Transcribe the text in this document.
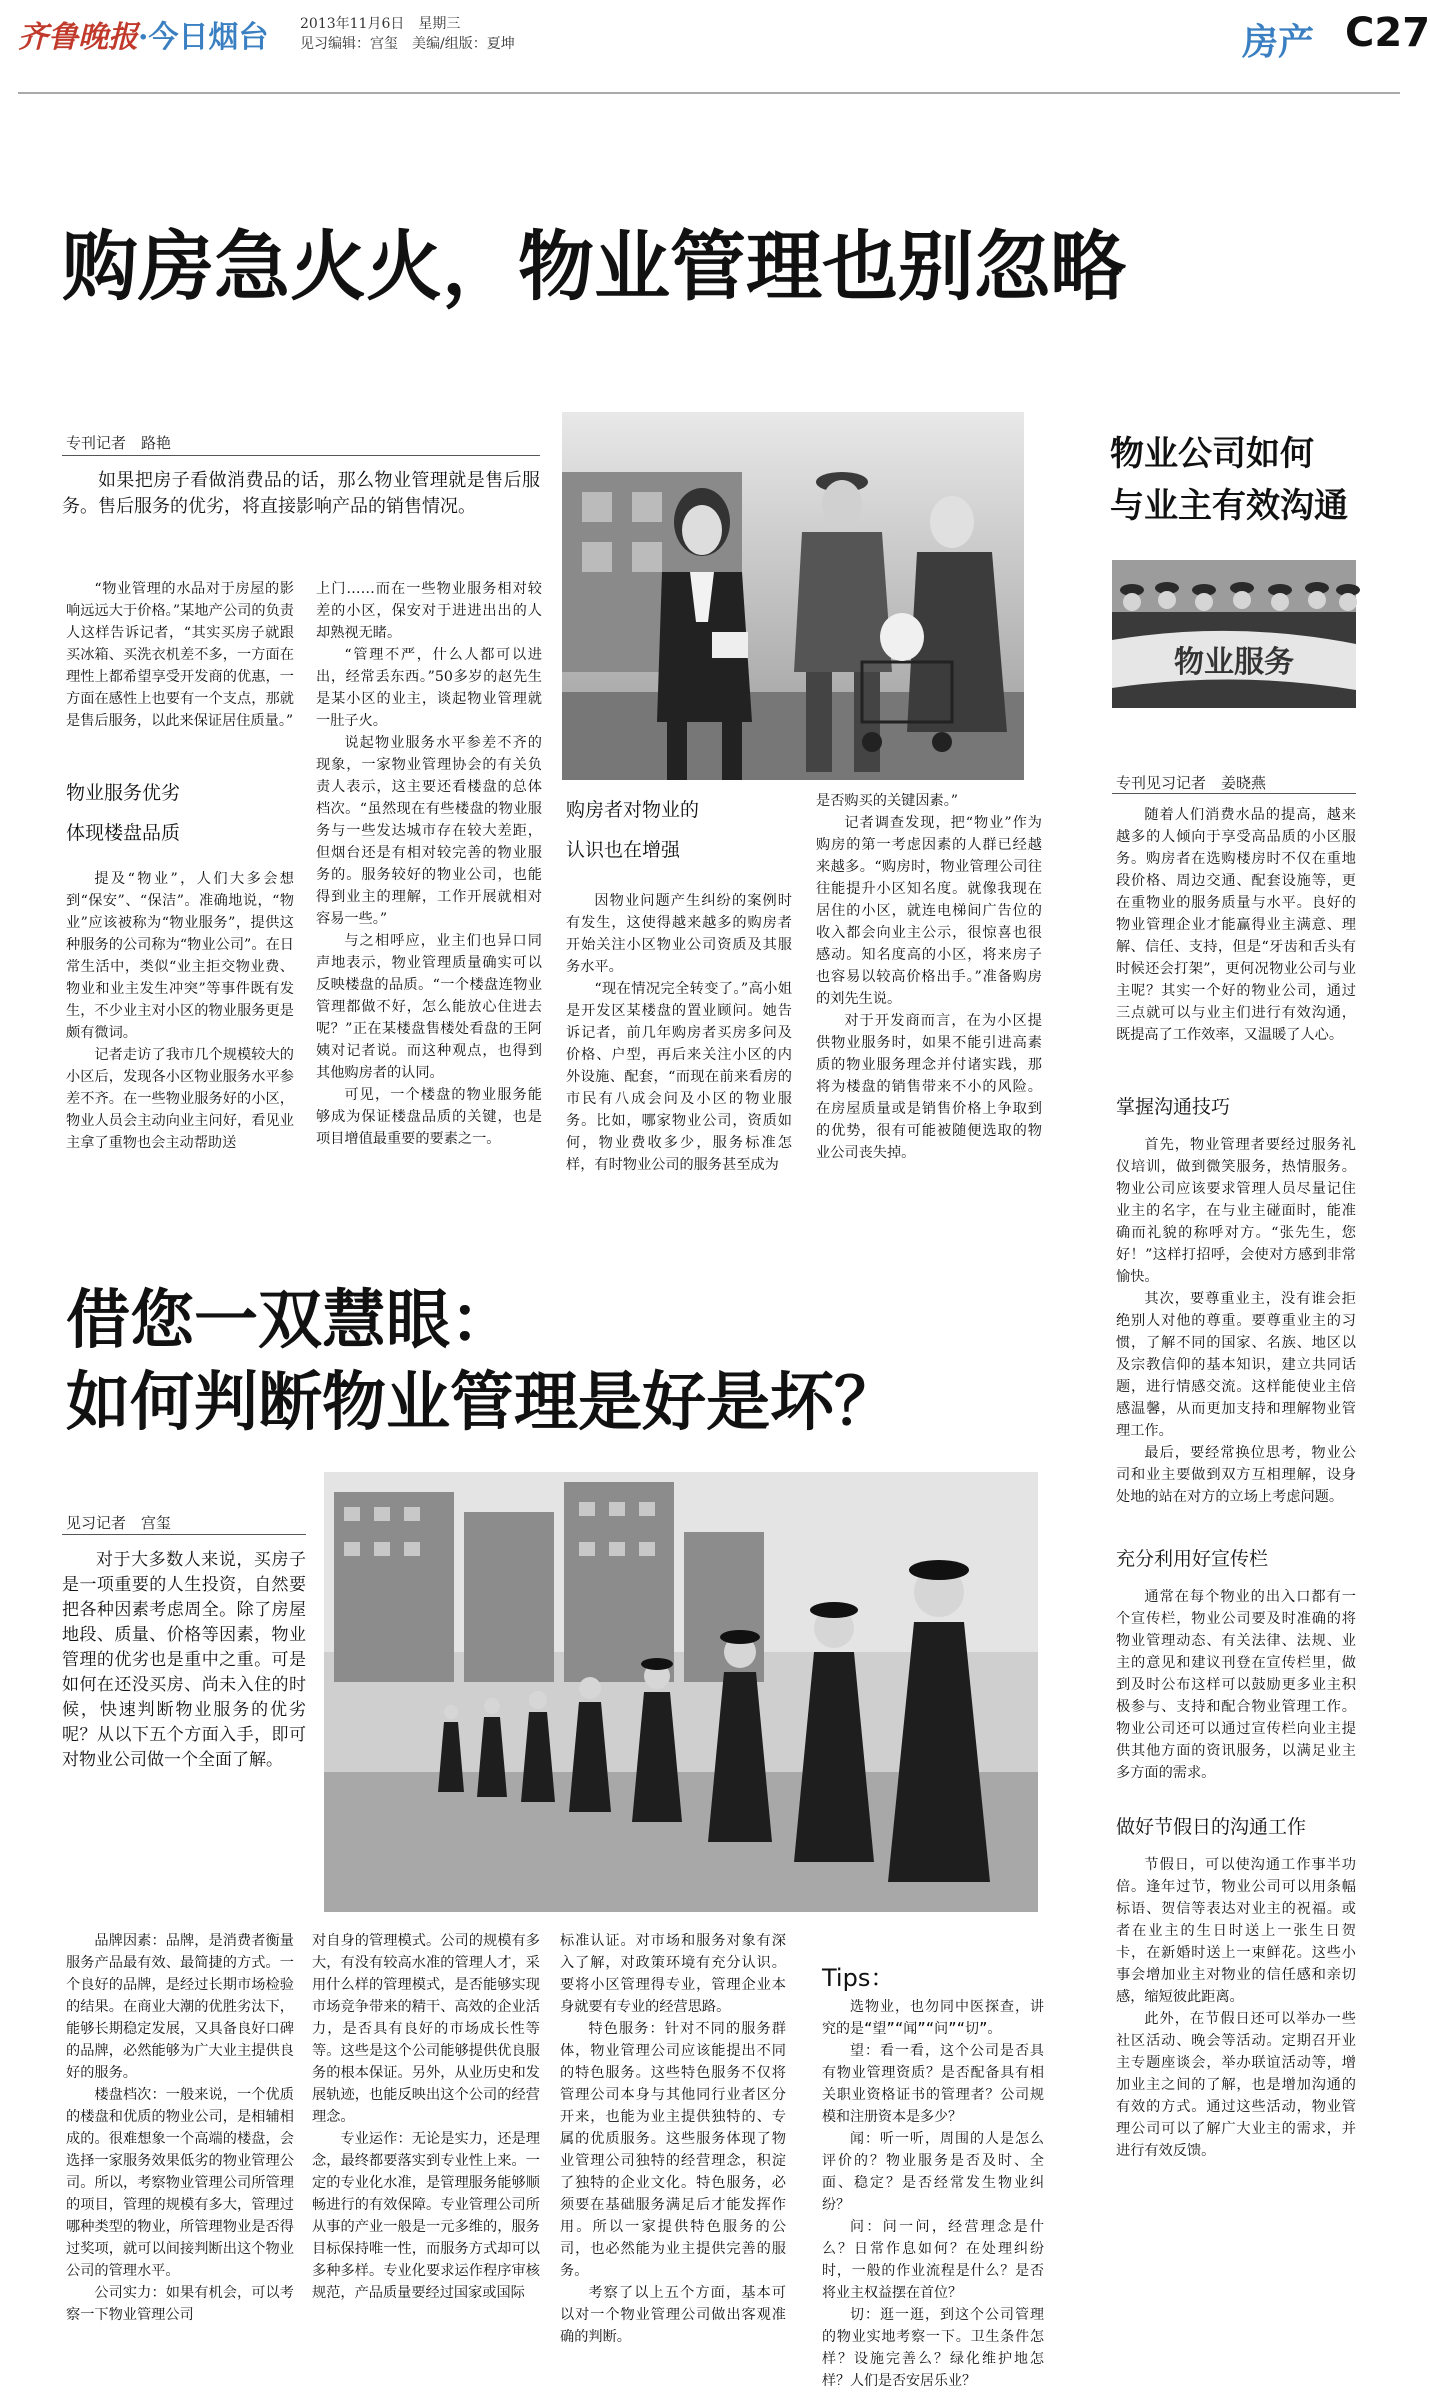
齐鲁晚报·今日烟台 2013年11月6日　星期三
见习编辑：宫玺　美编/组版：夏坤	房产 C27
购房急火火，物业管理也别忽略
专刊记者　路艳
如果把房子看做消费品的话，那么物业管理就是售后服务。售后服务的优劣，将直接影响产品的销售情况。

“物业管理的水品对于房屋的影响远远大于价格。”某地产公司的负责人这样告诉记者，“其实买房子就跟买冰箱、买洗衣机差不多，一方面在理性上都希望享受开发商的优惠，一方面在感性上也要有一个支点，那就是售后服务，以此来保证居住质量。”

物业服务优劣
体现楼盘品质

提及“物业”，人们大多会想到“保安”、“保洁”。准确地说，“物业”应该被称为“物业服务”，提供这种服务的公司称为“物业公司”。在日常生活中，类似“业主拒交物业费、物业和业主发生冲突”等事件既有发生，不少业主对小区的物业服务更是颇有微词。

记者走访了我市几个规模较大的小区后，发现各小区物业服务水平参差不齐。在一些物业服务好的小区，物业人员会主动向业主问好，看见业主拿了重物也会主动帮助送

上门……而在一些物业服务相对较差的小区，保安对于进进出出的人却熟视无睹。

“管理不严，什么人都可以进出，经常丢东西。”50多岁的赵先生是某小区的业主，谈起物业管理就一肚子火。

说起物业服务水平参差不齐的现象，一家物业管理协会的有关负责人表示，这主要还看楼盘的总体档次。“虽然现在有些楼盘的物业服务与一些发达城市存在较大差距，但烟台还是有相对较完善的物业服务的。服务较好的物业公司，也能得到业主的理解，工作开展就相对容易一些。”

与之相呼应，业主们也异口同声地表示，物业管理质量确实可以反映楼盘的品质。“一个楼盘连物业管理都做不好，怎么能放心住进去呢？”正在某楼盘售楼处看盘的王阿姨对记者说。而这种观点，也得到其他购房者的认同。

可见，一个楼盘的物业服务能够成为保证楼盘品质的关键，也是项目增值最重要的要素之一。

购房者对物业的
认识也在增强

因物业问题产生纠纷的案例时有发生，这使得越来越多的购房者开始关注小区物业公司资质及其服务水平。

“现在情况完全转变了。”高小姐是开发区某楼盘的置业顾问。她告诉记者，前几年购房者买房多问及价格、户型，再后来关注小区的内外设施、配套，“而现在前来看房的市民有八成会问及小区的物业服务。比如，哪家物业公司，资质如何，物业费收多少，服务标准怎样，有时物业公司的服务甚至成为

是否购买的关键因素。”

记者调查发现，把“物业”作为购房的第一考虑因素的人群已经越来越多。“购房时，物业管理公司往往能提升小区知名度。就像我现在居住的小区，就连电梯间广告位的收入都会向业主公示，很惊喜也很感动。知名度高的小区，将来房子也容易以较高价格出手。”准备购房的刘先生说。

对于开发商而言，在为小区提供物业服务时，如果不能引进高素质的物业服务理念并付诸实践，那将为楼盘的销售带来不小的风险。在房屋质量或是销售价格上争取到的优势，很有可能被随便选取的物业公司丧失掉。

物业公司如何
与业主有效沟通
物业服务
专刊见习记者　姜晓燕

随着人们消费水品的提高，越来越多的人倾向于享受高品质的小区服务。购房者在选购楼房时不仅在重地段价格、周边交通、配套设施等，更在重物业的服务质量与水平。良好的物业管理企业才能赢得业主满意、理解、信任、支持，但是“牙齿和舌头有时候还会打架”，更何况物业公司与业主呢？其实一个好的物业公司，通过三点就可以与业主们进行有效沟通，既提高了工作效率，又温暖了人心。

掌握沟通技巧

首先，物业管理者要经过服务礼仪培训，做到微笑服务，热情服务。物业公司应该要求管理人员尽量记住业主的名字，在与业主碰面时，能准确而礼貌的称呼对方。“张先生，您好！”这样打招呼，会使对方感到非常愉快。

其次，要尊重业主，没有谁会拒绝别人对他的尊重。要尊重业主的习惯，了解不同的国家、名族、地区以及宗教信仰的基本知识，建立共同话题，进行情感交流。这样能使业主倍感温馨，从而更加支持和理解物业管理工作。

最后，要经常换位思考，物业公司和业主要做到双方互相理解，设身处地的站在对方的立场上考虑问题。

充分利用好宣传栏

通常在每个物业的出入口都有一个宣传栏，物业公司要及时准确的将物业管理动态、有关法律、法规、业主的意见和建议刊登在宣传栏里，做到及时公布这样可以鼓励更多业主积极参与、支持和配合物业管理工作。物业公司还可以通过宣传栏向业主提供其他方面的资讯服务，以满足业主多方面的需求。

做好节假日的沟通工作

节假日，可以使沟通工作事半功倍。逢年过节，物业公司可以用条幅标语、贺信等表达对业主的祝福。或者在业主的生日时送上一张生日贺卡，在新婚时送上一束鲜花。这些小事会增加业主对物业的信任感和亲切感，缩短彼此距离。

此外，在节假日还可以举办一些社区活动、晚会等活动。定期召开业主专题座谈会，举办联谊活动等，增加业主之间的了解，也是增加沟通的有效的方式。通过这些活动，物业管理公司可以了解广大业主的需求，并进行有效反馈。

借您一双慧眼：
如何判断物业管理是好是坏？
见习记者　宫玺
对于大多数人来说，买房子是一项重要的人生投资，自然要把各种因素考虑周全。除了房屋地段、质量、价格等因素，物业管理的优劣也是重中之重。可是如何在还没买房、尚未入住的时候，快速判断物业服务的优劣呢？从以下五个方面入手，即可对物业公司做一个全面了解。

品牌因素：品牌，是消费者衡量服务产品最有效、最简捷的方式。一个良好的品牌，是经过长期市场检验的结果。在商业大潮的优胜劣汰下，能够长期稳定发展，又具备良好口碑的品牌，必然能够为广大业主提供良好的服务。

楼盘档次：一般来说，一个优质的楼盘和优质的物业公司，是相辅相成的。很难想象一个高端的楼盘，会选择一家服务效果低劣的物业管理公司。所以，考察物业管理公司所管理的项目，管理的规模有多大，管理过哪种类型的物业，所管理物业是否得过奖项，就可以间接判断出这个物业公司的管理水平。

公司实力：如果有机会，可以考察一下物业管理公司

对自身的管理模式。公司的规模有多大，有没有较高水准的管理人才，采用什么样的管理模式，是否能够实现市场竞争带来的精干、高效的企业活力，是否具有良好的市场成长性等等。这些是这个公司能够提供优良服务的根本保证。另外，从业历史和发展轨迹，也能反映出这个公司的经营理念。

专业运作：无论是实力，还是理念，最终都要落实到专业性上来。一定的专业化水准，是管理服务能够顺畅进行的有效保障。专业管理公司所从事的产业一般是一元多维的，服务目标保持唯一性，而服务方式却可以多种多样。专业化要求运作程序审核规范，产品质量要经过国家或国际

标准认证。对市场和服务对象有深入了解，对政策环境有充分认识。要将小区管理得专业，管理企业本身就要有专业的经营思路。

特色服务：针对不同的服务群体，物业管理公司应该能提出不同的特色服务。这些特色服务不仅将管理公司本身与其他同行业者区分开来，也能为业主提供独特的、专属的优质服务。这些服务体现了物业管理公司独特的经营理念，积淀了独特的企业文化。特色服务，必须要在基础服务满足后才能发挥作用。所以一家提供特色服务的公司，也必然能为业主提供完善的服务。

考察了以上五个方面，基本可以对一个物业管理公司做出客观准确的判断。

Tips：
选物业，也勿同中医探查，讲究的是“望”“闻”“问”“切”。
望：看一看，这个公司是否具有物业管理资质？是否配备具有相关职业资格证书的管理者？公司规模和注册资本是多少？
闻：听一听，周围的人是怎么评价的？物业服务是否及时、全面、稳定？是否经常发生物业纠纷？
问：问一问，经营理念是什么？日常作息如何？在处理纠纷时，一般的作业流程是什么？是否将业主权益摆在首位？
切：逛一逛，到这个公司管理的物业实地考察一下。卫生条件怎样？设施完善么？绿化维护地怎样？人们是否安居乐业？
